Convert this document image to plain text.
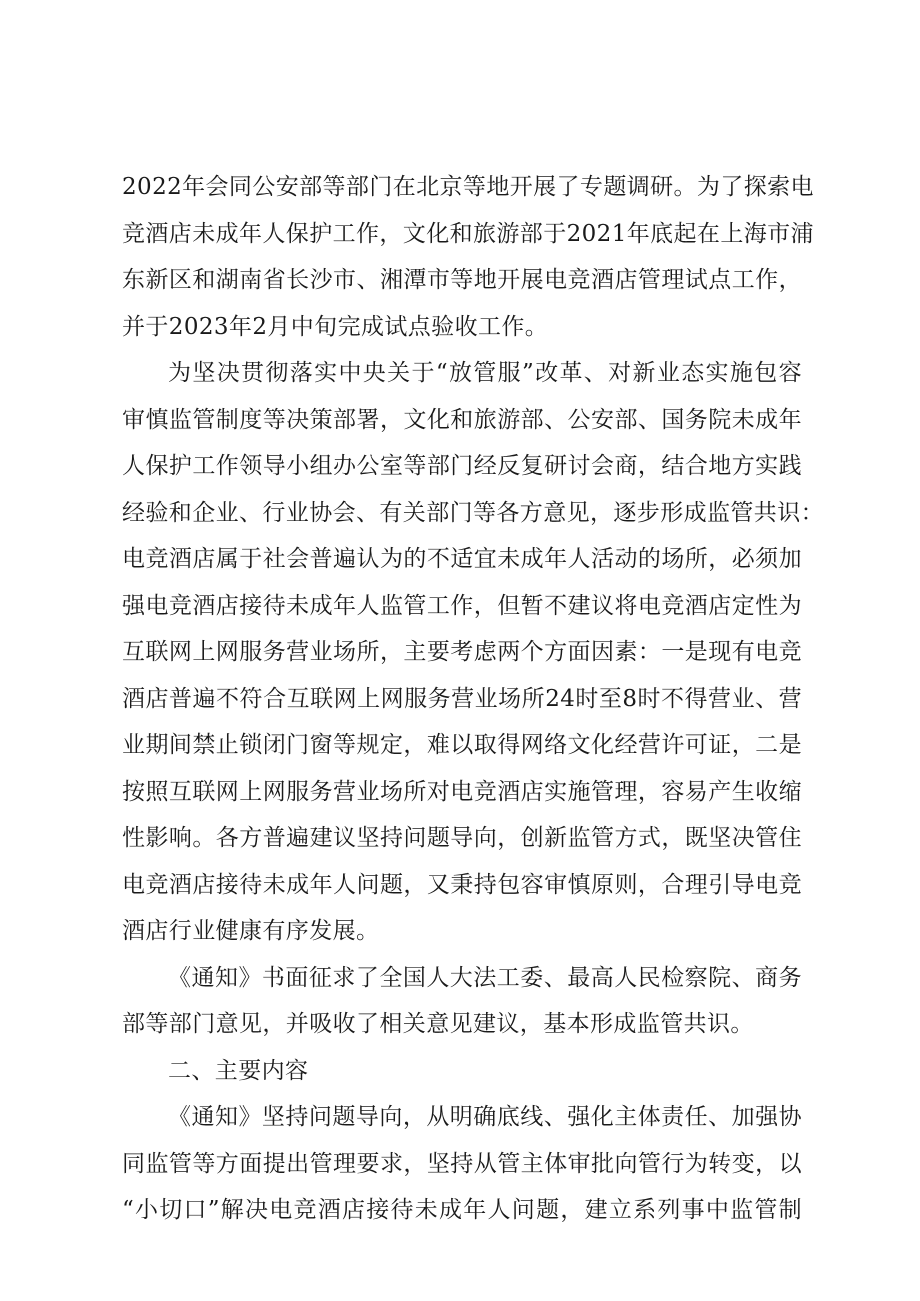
2022年会同公安部等部门在北京等地开展了专题调研。为了探索电
竞酒店未成年人保护工作，文化和旅游部于2021年底起在上海市浦
东新区和湖南省长沙市、湘潭市等地开展电竞酒店管理试点工作，
并于2023年2月中旬完成试点验收工作。
为坚决贯彻落实中央关于“放管服”改革、对新业态实施包容
审慎监管制度等决策部署，文化和旅游部、公安部、国务院未成年
人保护工作领导小组办公室等部门经反复研讨会商，结合地方实践
经验和企业、行业协会、有关部门等各方意见，逐步形成监管共识：
电竞酒店属于社会普遍认为的不适宜未成年人活动的场所，必须加
强电竞酒店接待未成年人监管工作，但暂不建议将电竞酒店定性为
互联网上网服务营业场所，主要考虑两个方面因素：一是现有电竞
酒店普遍不符合互联网上网服务营业场所24时至8时不得营业、营
业期间禁止锁闭门窗等规定，难以取得网络文化经营许可证，二是
按照互联网上网服务营业场所对电竞酒店实施管理，容易产生收缩
性影响。各方普遍建议坚持问题导向，创新监管方式，既坚决管住
电竞酒店接待未成年人问题，又秉持包容审慎原则，合理引导电竞
酒店行业健康有序发展。
《通知》书面征求了全国人大法工委、最高人民检察院、商务
部等部门意见，并吸收了相关意见建议，基本形成监管共识。
二、主要内容
《通知》坚持问题导向，从明确底线、强化主体责任、加强协
同监管等方面提出管理要求，坚持从管主体审批向管行为转变，以
“小切口”解决电竞酒店接待未成年人问题，建立系列事中监管制
